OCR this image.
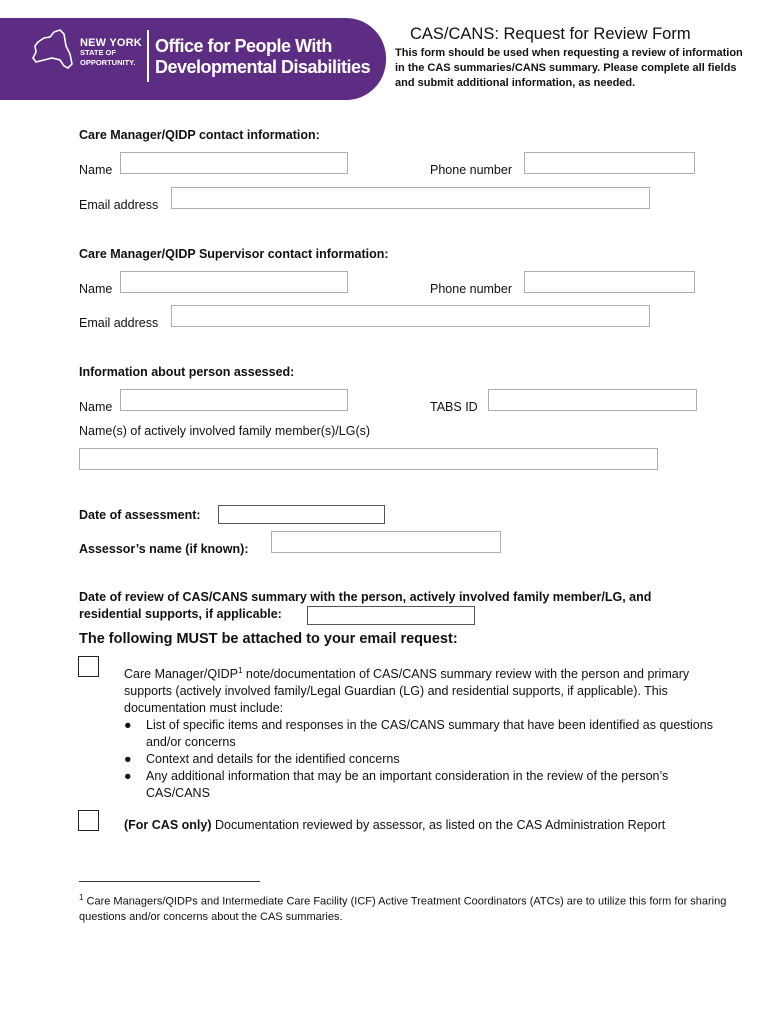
NEW YORK
STATE OF
OPPORTUNITY.
Office for People With
Developmental Disabilities
CAS/CANS: Request for Review Form
This form should be used when requesting a review of information in the CAS summaries/CANS summary. Please complete all fields and submit additional information, as needed.
Care Manager/QIDP contact information:
Name	Phone number
Email address
Care Manager/QIDP Supervisor contact information:
Name	Phone number
Email address
Information about person assessed:
Name	TABS ID
Name(s) of actively involved family member(s)/LG(s)
Date of assessment:
Assessor’s name (if known):
Date of review of CAS/CANS summary with the person, actively involved family member/LG, and
residential supports, if applicable:
The following MUST be attached to your email request:
Care Manager/QIDP$^1$ note/documentation of CAS/CANS summary review with the person and primary supports (actively involved family/Legal Guardian (LG) and residential supports, if applicable). This documentation must include:
● List of specific items and responses in the CAS/CANS summary that have been identified as questions and/or concerns
● Context and details for the identified concerns
● Any additional information that may be an important consideration in the review of the person’s CAS/CANS
(For CAS only) Documentation reviewed by assessor, as listed on the CAS Administration Report
$^1$ Care Managers/QIDPs and Intermediate Care Facility (ICF) Active Treatment Coordinators (ATCs) are to utilize this form for sharing questions and/or concerns about the CAS summaries.
